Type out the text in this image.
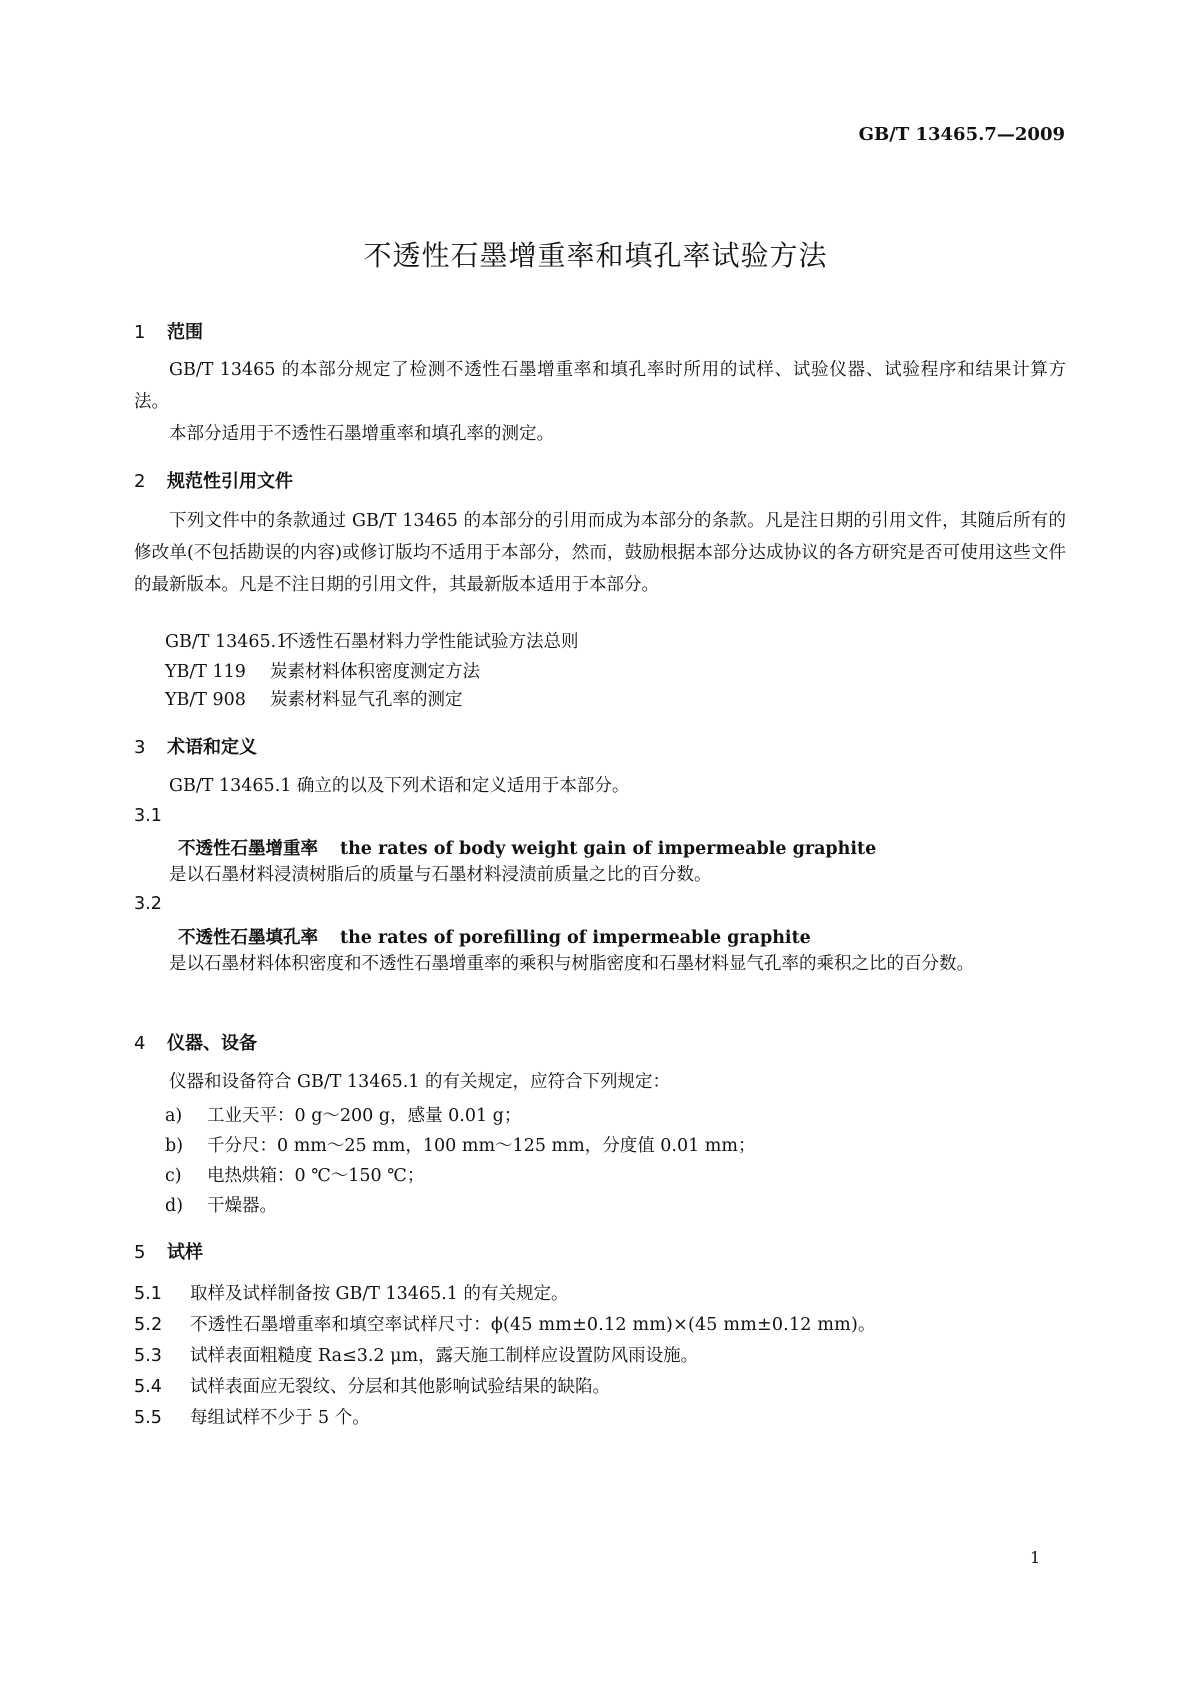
GB/T 13465.7—2009
不透性石墨增重率和填孔率试验方法
1 范围
GB/T 13465 的本部分规定了检测不透性石墨增重率和填孔率时所用的试样、试验仪器、试验程序和结果计算方法。
本部分适用于不透性石墨增重率和填孔率的测定。
2 规范性引用文件
下列文件中的条款通过 GB/T 13465 的本部分的引用而成为本部分的条款。凡是注日期的引用文件，其随后所有的修改单(不包括勘误的内容)或修订版均不适用于本部分，然而，鼓励根据本部分达成协议的各方研究是否可使用这些文件的最新版本。凡是不注日期的引用文件，其最新版本适用于本部分。
GB/T 13465.1不透性石墨材料力学性能试验方法总则
YB/T 119 炭素材料体积密度测定方法
YB/T 908 炭素材料显气孔率的测定
3 术语和定义
GB/T 13465.1 确立的以及下列术语和定义适用于本部分。
3.1
不透性石墨增重率 the rates of body weight gain of impermeable graphite
是以石墨材料浸渍树脂后的质量与石墨材料浸渍前质量之比的百分数。
3.2
不透性石墨填孔率 the rates of porefilling of impermeable graphite
是以石墨材料体积密度和不透性石墨增重率的乘积与树脂密度和石墨材料显气孔率的乘积之比的百分数。
4 仪器、设备
仪器和设备符合 GB/T 13465.1 的有关规定，应符合下列规定：
a) 工业天平：0 g～200 g，感量 0.01 g；
b) 千分尺：0 mm～25 mm，100 mm～125 mm，分度值 0.01 mm；
c) 电热烘箱：0 ℃～150 ℃；
d) 干燥器。
5 试样
5.1 取样及试样制备按 GB/T 13465.1 的有关规定。
5.2 不透性石墨增重率和填空率试样尺寸：ϕ(45 mm±0.12 mm)×(45 mm±0.12 mm)。
5.3 试样表面粗糙度 Ra≤3.2 μm，露天施工制样应设置防风雨设施。
5.4 试样表面应无裂纹、分层和其他影响试验结果的缺陷。
5.5 每组试样不少于 5 个。
1
